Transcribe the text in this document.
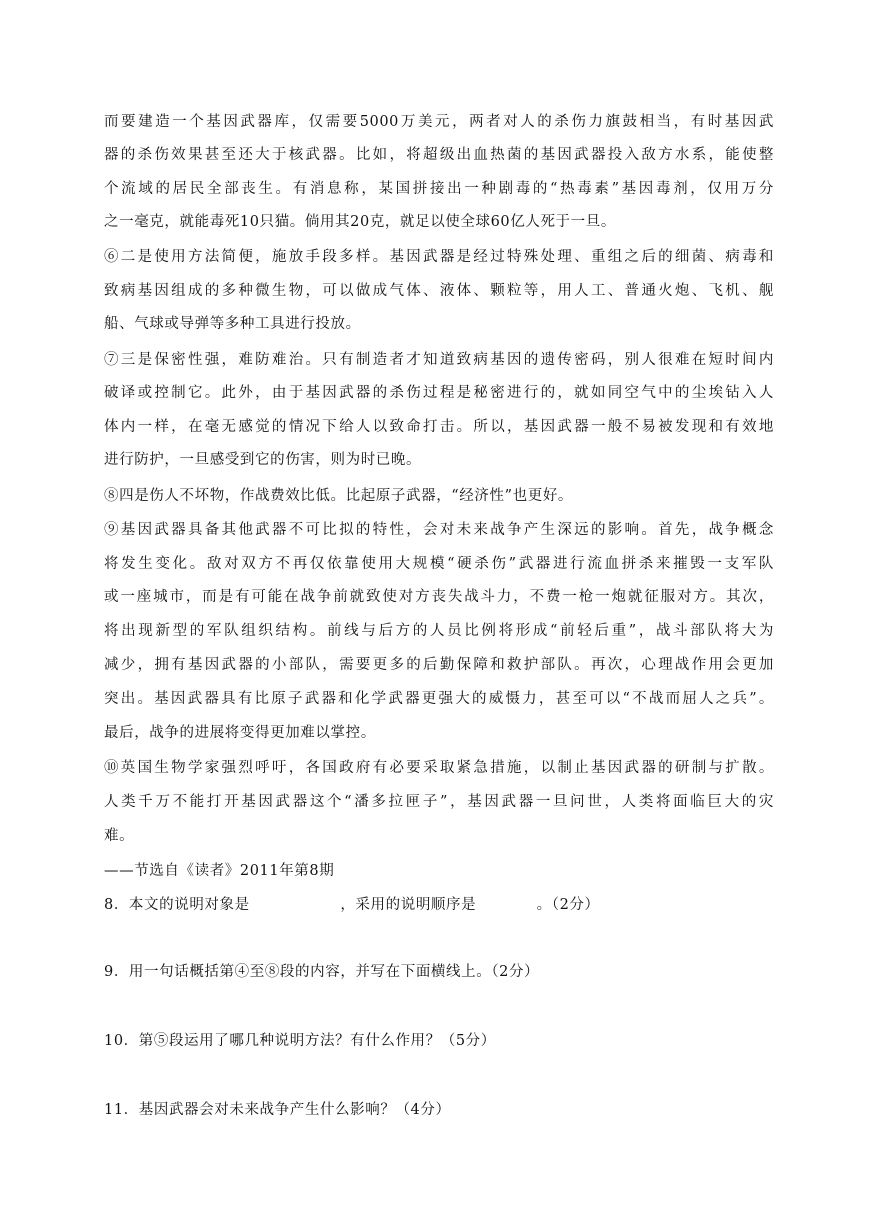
而要建造一个基因武器库，仅需要5000万美元，两者对人的杀伤力旗鼓相当，有时基因武
器的杀伤效果甚至还大于核武器。比如，将超级出血热菌的基因武器投入敌方水系，能使整
个流域的居民全部丧生。有消息称，某国拼接出一种剧毒的“热毒素”基因毒剂，仅用万分
之一毫克，就能毒死10只猫。倘用其20克，就足以使全球60亿人死于一旦。
⑥二是使用方法简便，施放手段多样。基因武器是经过特殊处理、重组之后的细菌、病毒和
致病基因组成的多种微生物，可以做成气体、液体、颗粒等，用人工、普通火炮、飞机、舰
船、气球或导弹等多种工具进行投放。
⑦三是保密性强，难防难治。只有制造者才知道致病基因的遗传密码，别人很难在短时间内
破译或控制它。此外，由于基因武器的杀伤过程是秘密进行的，就如同空气中的尘埃钻入人
体内一样，在毫无感觉的情况下给人以致命打击。所以，基因武器一般不易被发现和有效地
进行防护，一旦感受到它的伤害，则为时已晚。
⑧四是伤人不坏物，作战费效比低。比起原子武器，“经济性”也更好。
⑨基因武器具备其他武器不可比拟的特性，会对未来战争产生深远的影响。首先，战争概念
将发生变化。敌对双方不再仅依靠使用大规模“硬杀伤”武器进行流血拼杀来摧毁一支军队
或一座城市，而是有可能在战争前就致使对方丧失战斗力，不费一枪一炮就征服对方。其次，
将出现新型的军队组织结构。前线与后方的人员比例将形成“前轻后重”，战斗部队将大为
减少，拥有基因武器的小部队，需要更多的后勤保障和救护部队。再次，心理战作用会更加
突出。基因武器具有比原子武器和化学武器更强大的威慑力，甚至可以“不战而屈人之兵”。
最后，战争的进展将变得更加难以掌控。
⑩英国生物学家强烈呼吁，各国政府有必要采取紧急措施，以制止基因武器的研制与扩散。
人类千万不能打开基因武器这个“潘多拉匣子”，基因武器一旦问世，人类将面临巨大的灾
难。
——节选自《读者》2011年第8期
8．本文的说明对象是　　　　　　，采用的说明顺序是　　　　。（2分）
9．用一句话概括第④至⑧段的内容，并写在下面横线上。（2分）
10．第⑤段运用了哪几种说明方法？有什么作用？（5分）
11．基因武器会对未来战争产生什么影响？（4分）
